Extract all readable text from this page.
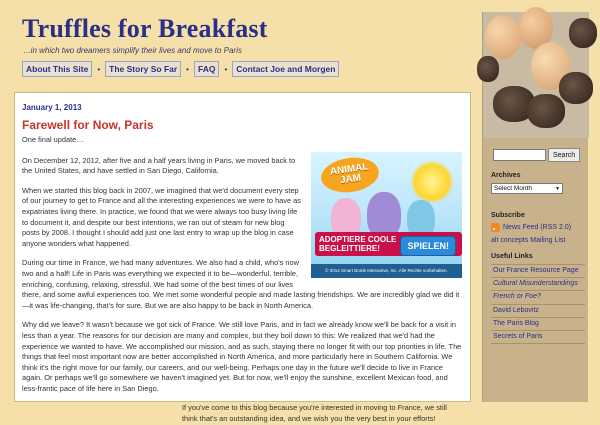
Truffles for Breakfast
...in which two dreamers simplify their lives and move to Paris
About This Site	•	The Story So Far	•	FAQ	•	Contact Joe and Morgen
January 1, 2013
Farewell for Now, Paris

One final update…

ANIMAL JAM
ADOPTIERE COOLE BEGLEITTIERE!	SPIELEN!
© 2014 Smart Bomb Interactive, Inc. Alle Rechte vorbehalten.

On December 12, 2012, after five and a half years living in Paris, we moved back to the United States, and have settled in San Diego, California.

When we started this blog back in 2007, we imagined that we'd document every step of our journey to get to France and all the interesting experiences we were to have as expatriates living there. In practice, we found that we were always too busy living life to document it, and despite our best intentions, we ran out of steam for new blog posts by 2008. I thought I should add just one last entry to wrap up the blog in case anyone wonders what happened.

During our time in France, we had many adventures. We also had a child, who's now two and a half! Life in Paris was everything we expected it to be—wonderful, terrible, enriching, confusing, relaxing, stressful. We had some of the best times of our lives there, and some awful experiences too. We met some wonderful people and made lasting friendships. We are incredibly glad we did it—it was life-changing, that's for sure. But we are also happy to be back in North America.

Why did we leave? It wasn't because we got sick of France. We still love Paris, and in fact we already know we'll be back for a visit in less than a year. The reasons for our decision are many and complex, but they boil down to this: We realized that we'd had the experience we wanted to have. We accomplished our mission, and as such, staying there no longer fit with our top priorities in life. The things that feel most important now are better accomplished in North America, and more particularly here in Southern California. We think it's the right move for our family, our careers, and our well-being. Perhaps one day in the future we'll decide to live in France again. Or perhaps we'll go somewhere we haven't imagined yet. But for now, we'll enjoy the sunshine, excellent Mexican food, and less-frantic pace of life here in San Diego.

If you've come to this blog because you're interested in moving to France, we still think that's an outstanding idea, and we wish you the very best in your efforts!

Search
Archives
Select Month	▼
Subscribe
News Feed (RSS 2.0)
alt concepts Mailing List
Useful Links
Our France Resource Page
Cultural Misunderstandings
French or Foe?
David Lebovitz
The Paris Blog
Secrets of Paris
